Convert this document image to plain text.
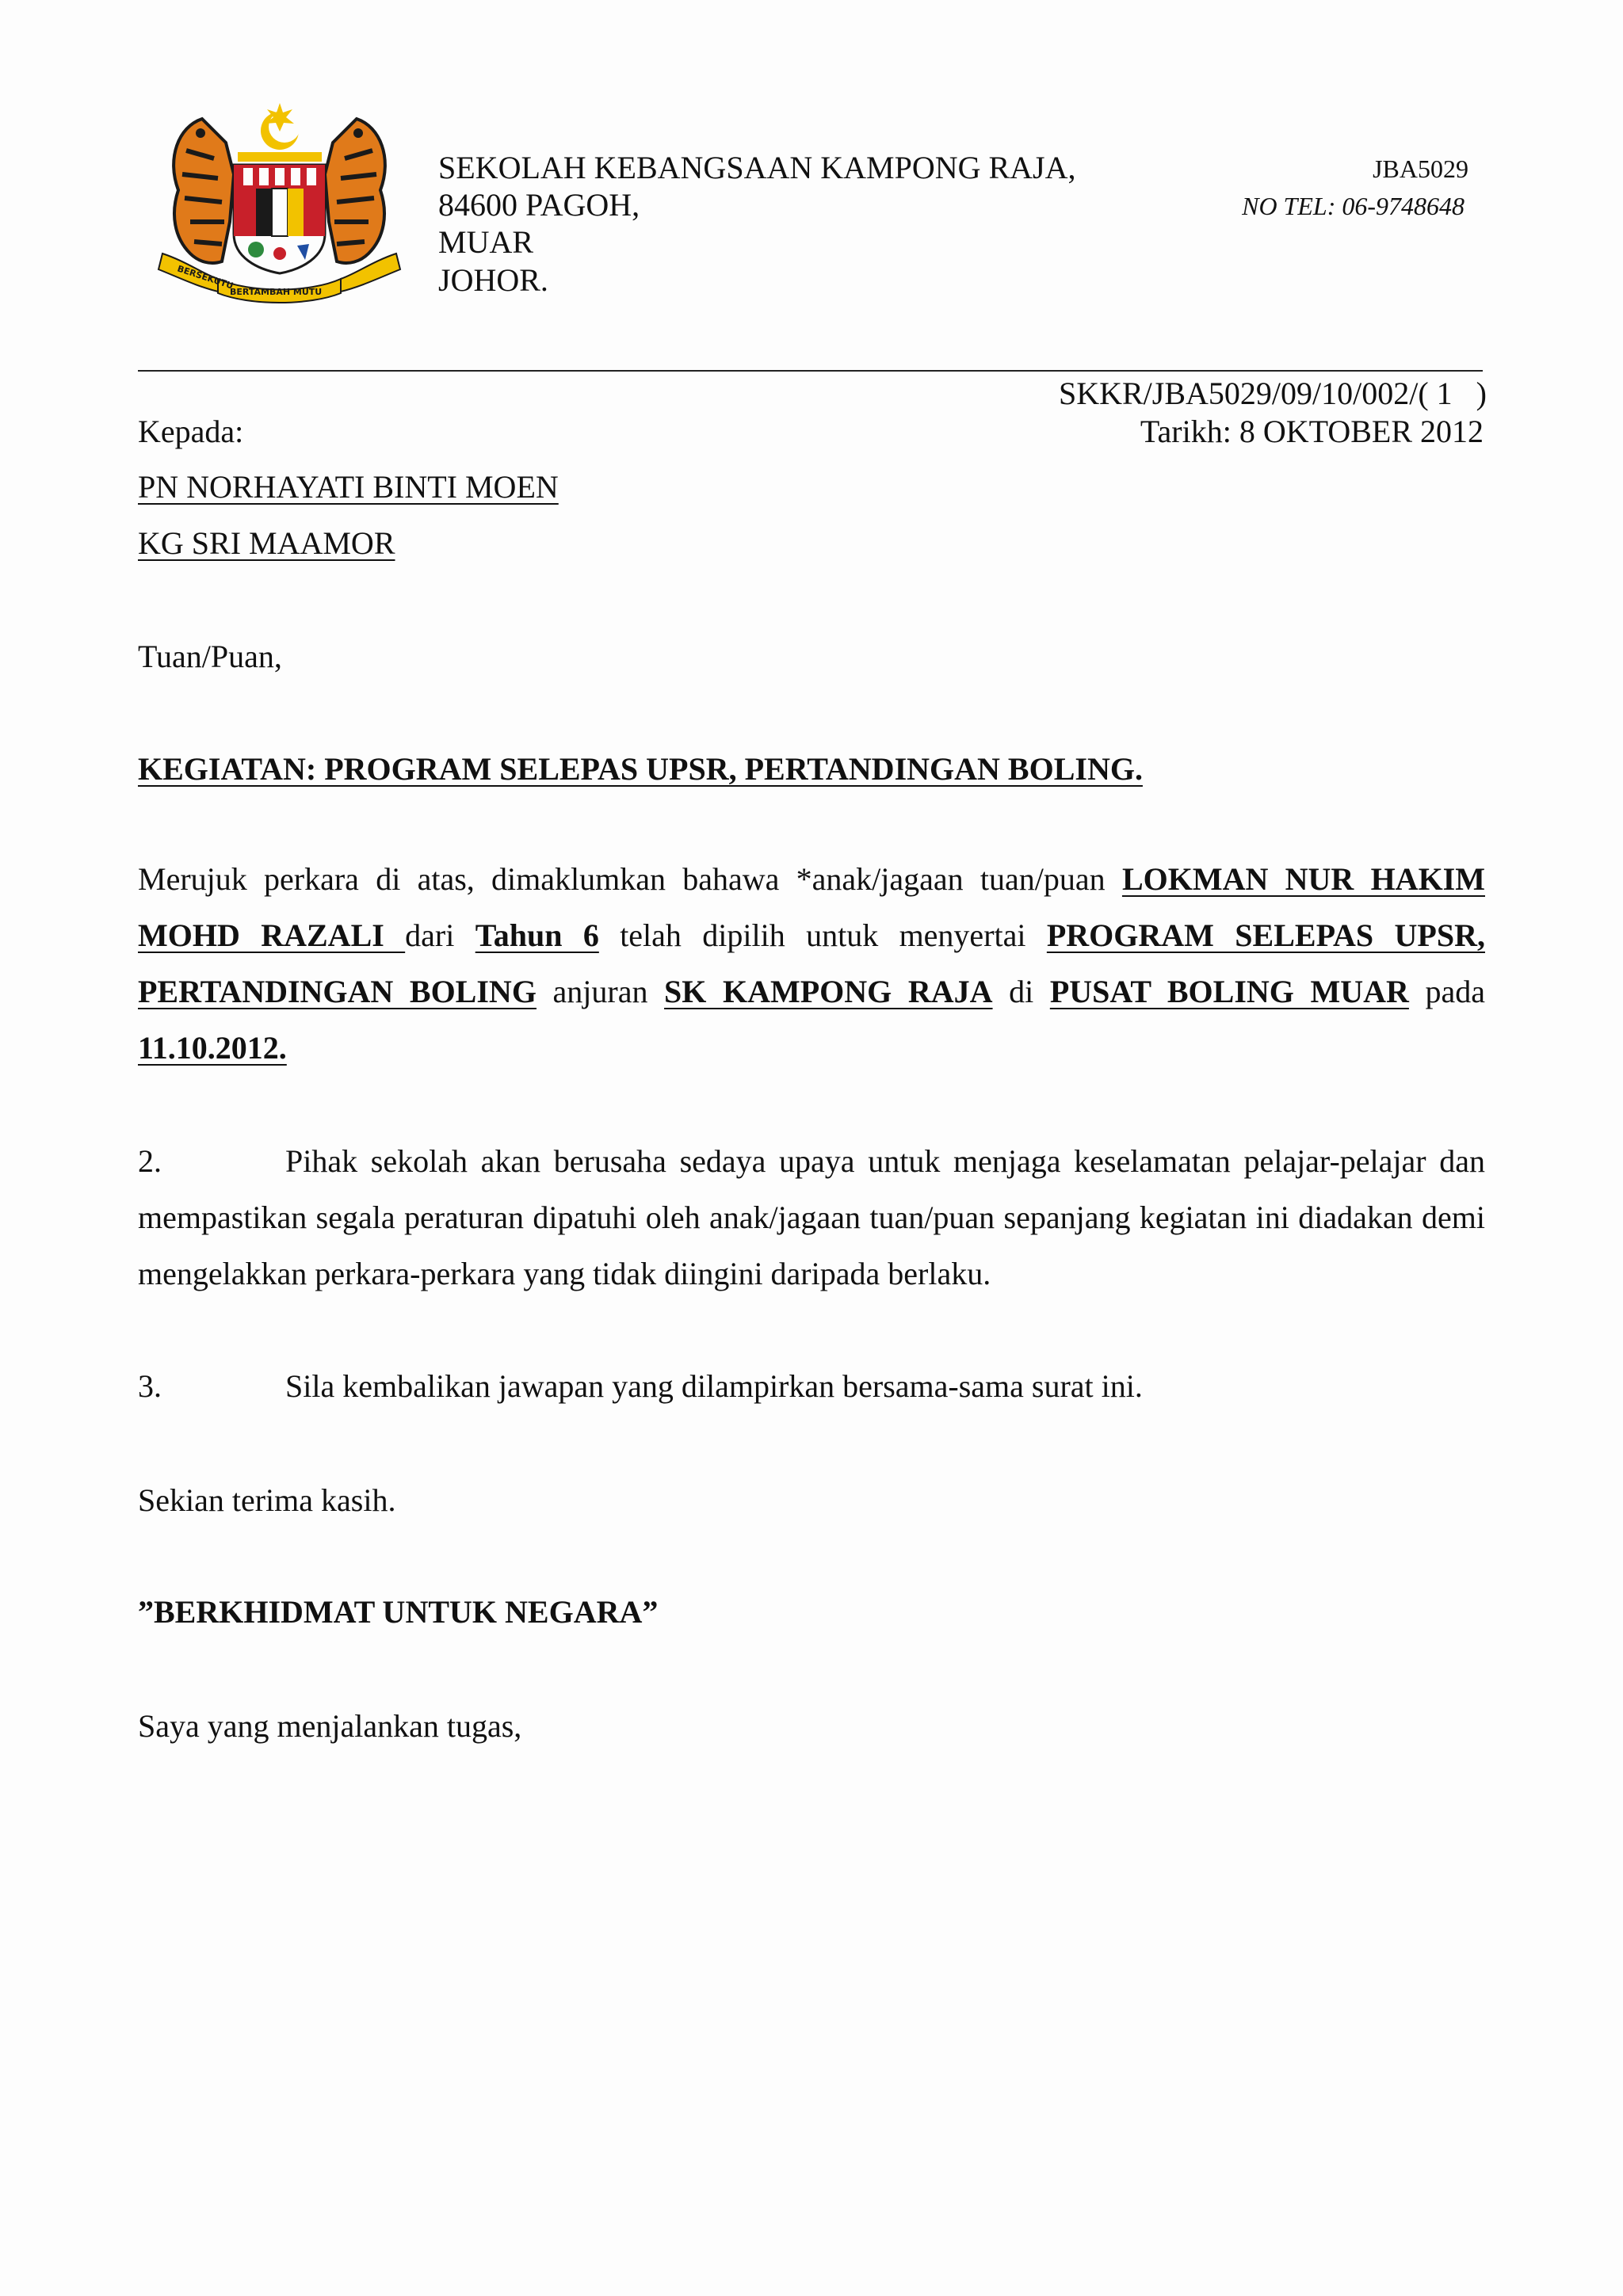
BERSEKUTU
BERTAMBAH MUTU
SEKOLAH KEBANGSAAN KAMPONG RAJA,
84600 PAGOH,
MUAR
JOHOR.
JBA5029
NO TEL: 06-9748648
SKKR/JBA5029/09/10/002/( 1   )
Kepada:	Tarikh: 8 OKTOBER 2012
PN NORHAYATI BINTI MOEN
KG SRI MAAMOR
Tuan/Puan,
KEGIATAN: PROGRAM SELEPAS UPSR, PERTANDINGAN BOLING.
Merujuk perkara di atas, dimaklumkan bahawa *anak/jagaan tuan/puan LOKMAN NUR HAKIM MOHD RAZALI dari Tahun 6 telah dipilih untuk menyertai PROGRAM SELEPAS UPSR, PERTANDINGAN BOLING anjuran SK KAMPONG RAJA di PUSAT BOLING MUAR pada 11.10.2012.
2.	Pihak sekolah akan berusaha sedaya upaya untuk menjaga keselamatan pelajar-pelajar dan mempastikan segala peraturan dipatuhi oleh anak/jagaan tuan/puan sepanjang kegiatan ini diadakan demi mengelakkan perkara-perkara yang tidak diingini daripada berlaku.
3.	Sila kembalikan jawapan yang dilampirkan bersama-sama surat ini.
Sekian terima kasih.
”BERKHIDMAT UNTUK NEGARA”
Saya yang menjalankan tugas,
